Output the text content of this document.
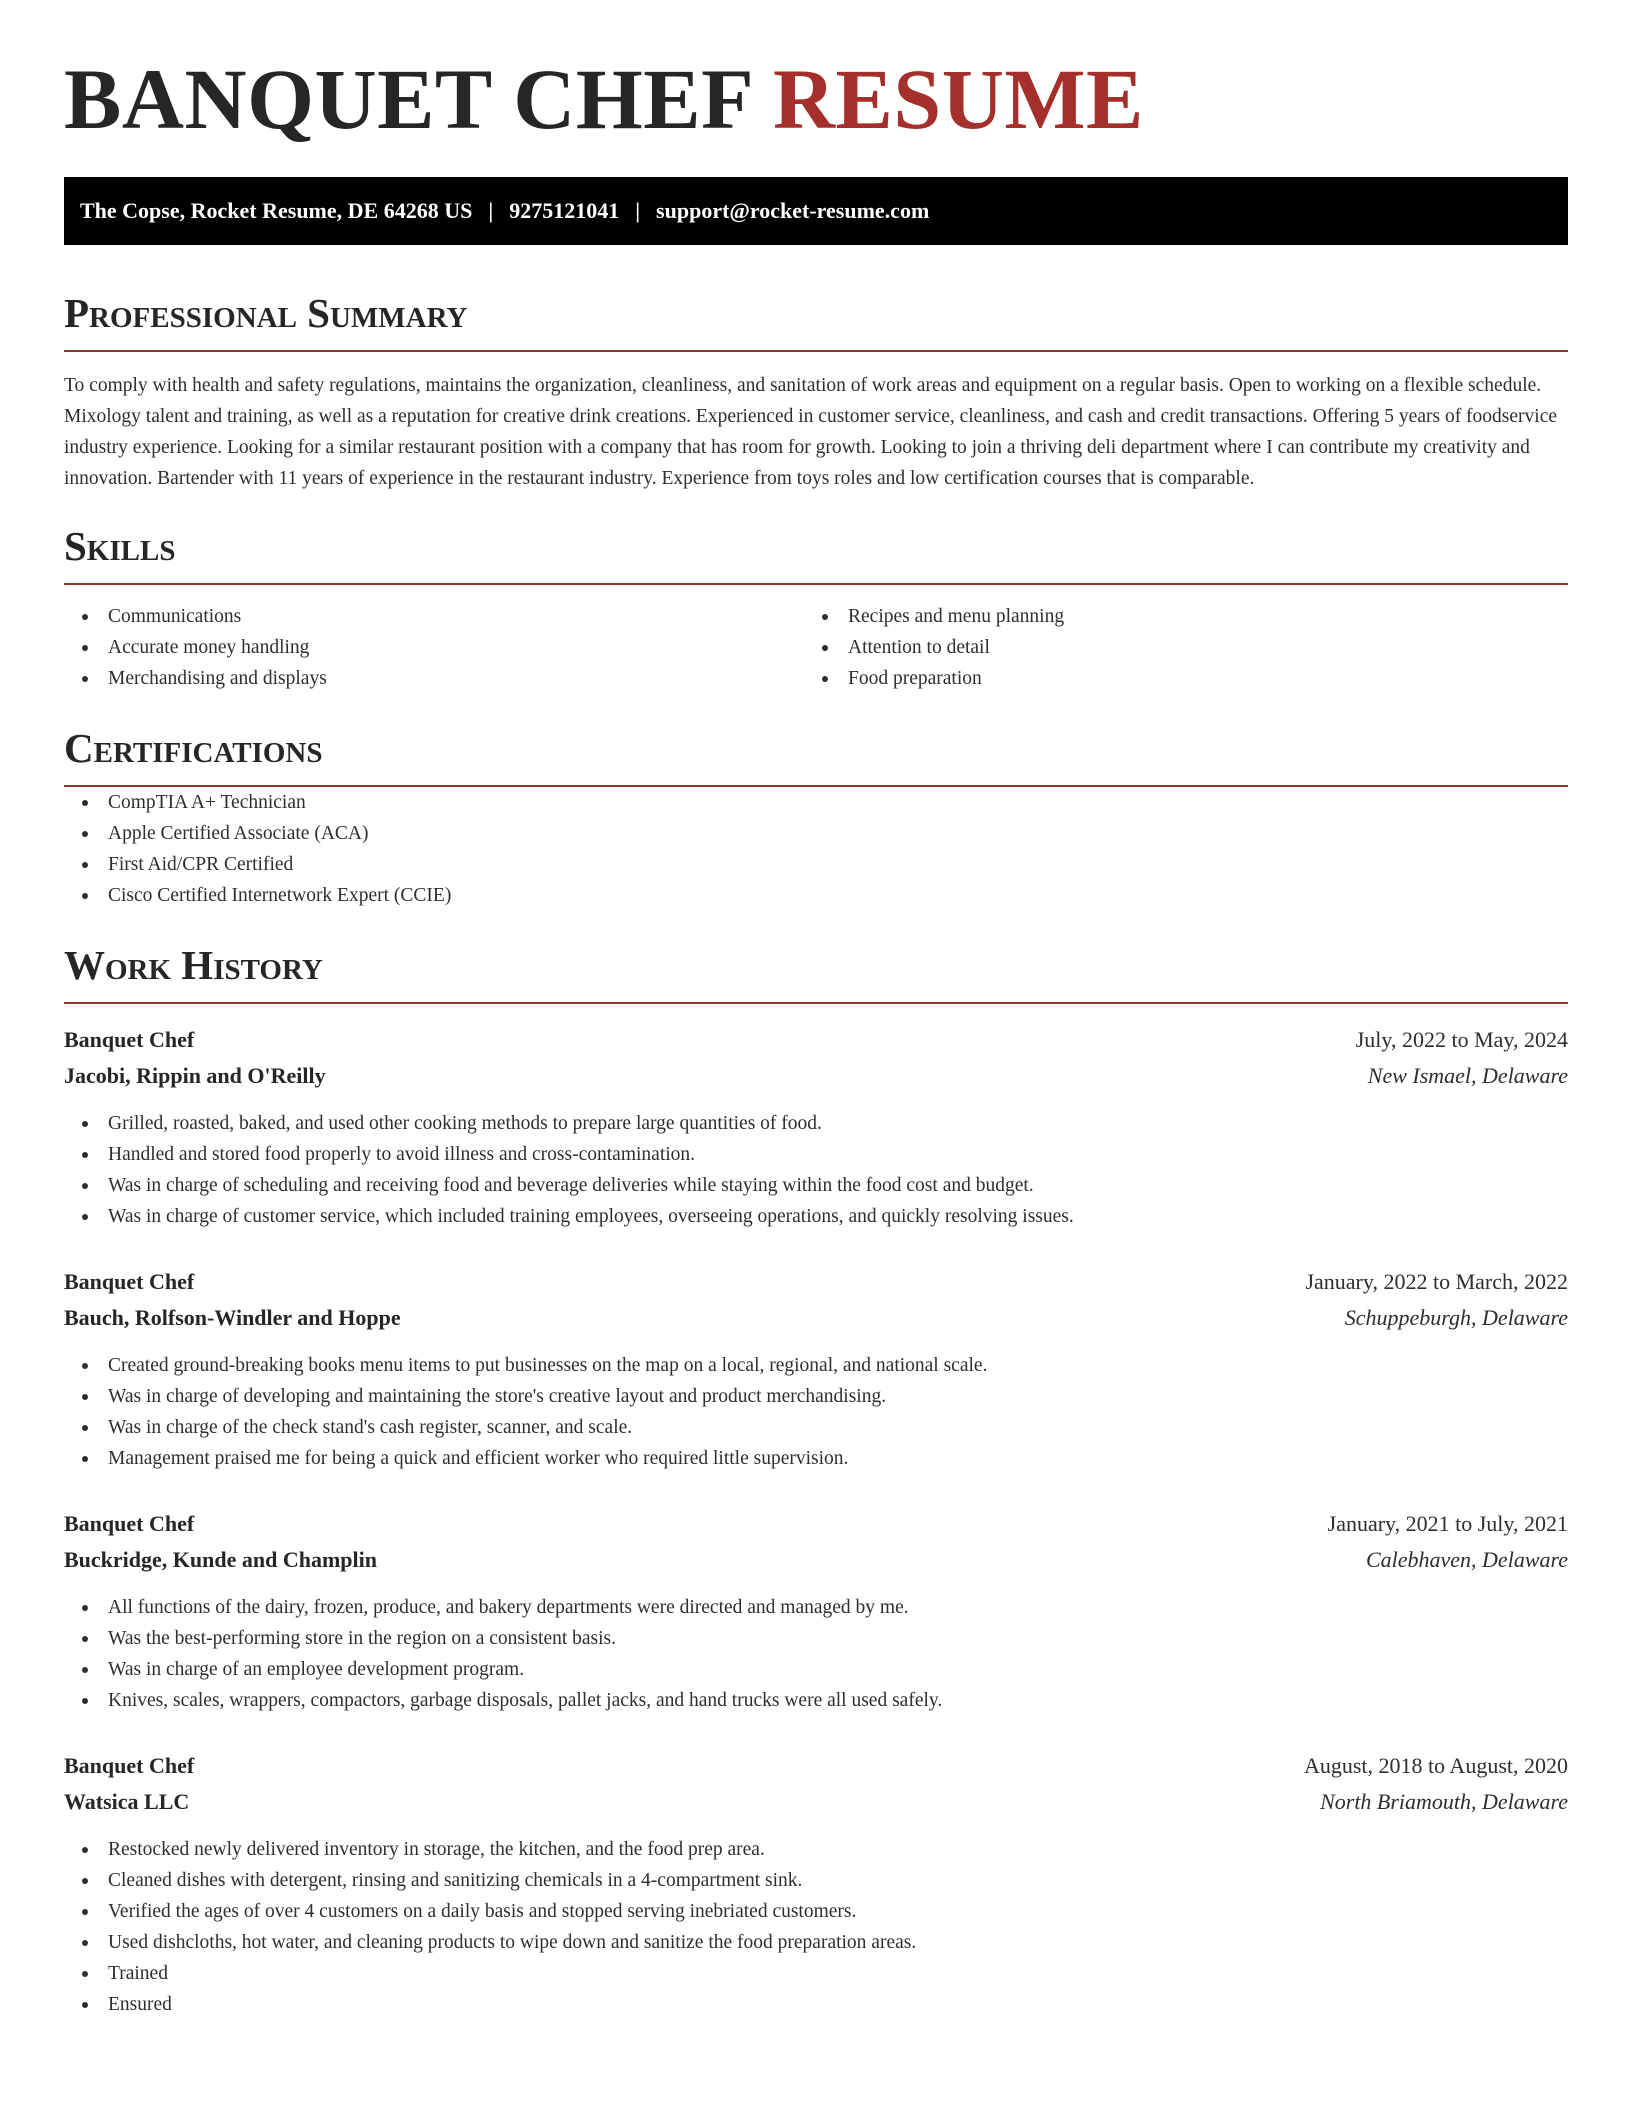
BANQUET CHEF RESUME
The Copse, Rocket Resume, DE 64268 US | 9275121041 | support@rocket-resume.com
Professional Summary

To comply with health and safety regulations, maintains the organization, cleanliness, and sanitation of work areas and equipment on a regular basis. Open to working on a flexible schedule. Mixology talent and training, as well as a reputation for creative drink creations. Experienced in customer service, cleanliness, and cash and credit transactions. Offering 5 years of foodservice industry experience. Looking for a similar restaurant position with a company that has room for growth. Looking to join a thriving deli department where I can contribute my creativity and innovation. Bartender with 11 years of experience in the restaurant industry. Experience from toys roles and low certification courses that is comparable.

Skills
Communications
Accurate money handling
Merchandising and displays
Recipes and menu planning
Attention to detail
Food preparation
Certifications
CompTIA A+ Technician
Apple Certified Associate (ACA)
First Aid/CPR Certified
Cisco Certified Internetwork Expert (CCIE)
Work History
Banquet Chef	July, 2022 to May, 2024
Jacobi, Rippin and O'Reilly	New Ismael, Delaware
Grilled, roasted, baked, and used other cooking methods to prepare large quantities of food.
Handled and stored food properly to avoid illness and cross-contamination.
Was in charge of scheduling and receiving food and beverage deliveries while staying within the food cost and budget.
Was in charge of customer service, which included training employees, overseeing operations, and quickly resolving issues.
Banquet Chef	January, 2022 to March, 2022
Bauch, Rolfson-Windler and Hoppe	Schuppeburgh, Delaware
Created ground-breaking books menu items to put businesses on the map on a local, regional, and national scale.
Was in charge of developing and maintaining the store's creative layout and product merchandising.
Was in charge of the check stand's cash register, scanner, and scale.
Management praised me for being a quick and efficient worker who required little supervision.
Banquet Chef	January, 2021 to July, 2021
Buckridge, Kunde and Champlin	Calebhaven, Delaware
All functions of the dairy, frozen, produce, and bakery departments were directed and managed by me.
Was the best-performing store in the region on a consistent basis.
Was in charge of an employee development program.
Knives, scales, wrappers, compactors, garbage disposals, pallet jacks, and hand trucks were all used safely.
Banquet Chef	August, 2018 to August, 2020
Watsica LLC	North Briamouth, Delaware
Restocked newly delivered inventory in storage, the kitchen, and the food prep area.
Cleaned dishes with detergent, rinsing and sanitizing chemicals in a 4-compartment sink.
Verified the ages of over 4 customers on a daily basis and stopped serving inebriated customers.
Used dishcloths, hot water, and cleaning products to wipe down and sanitize the food preparation areas.
Trained
Ensured
